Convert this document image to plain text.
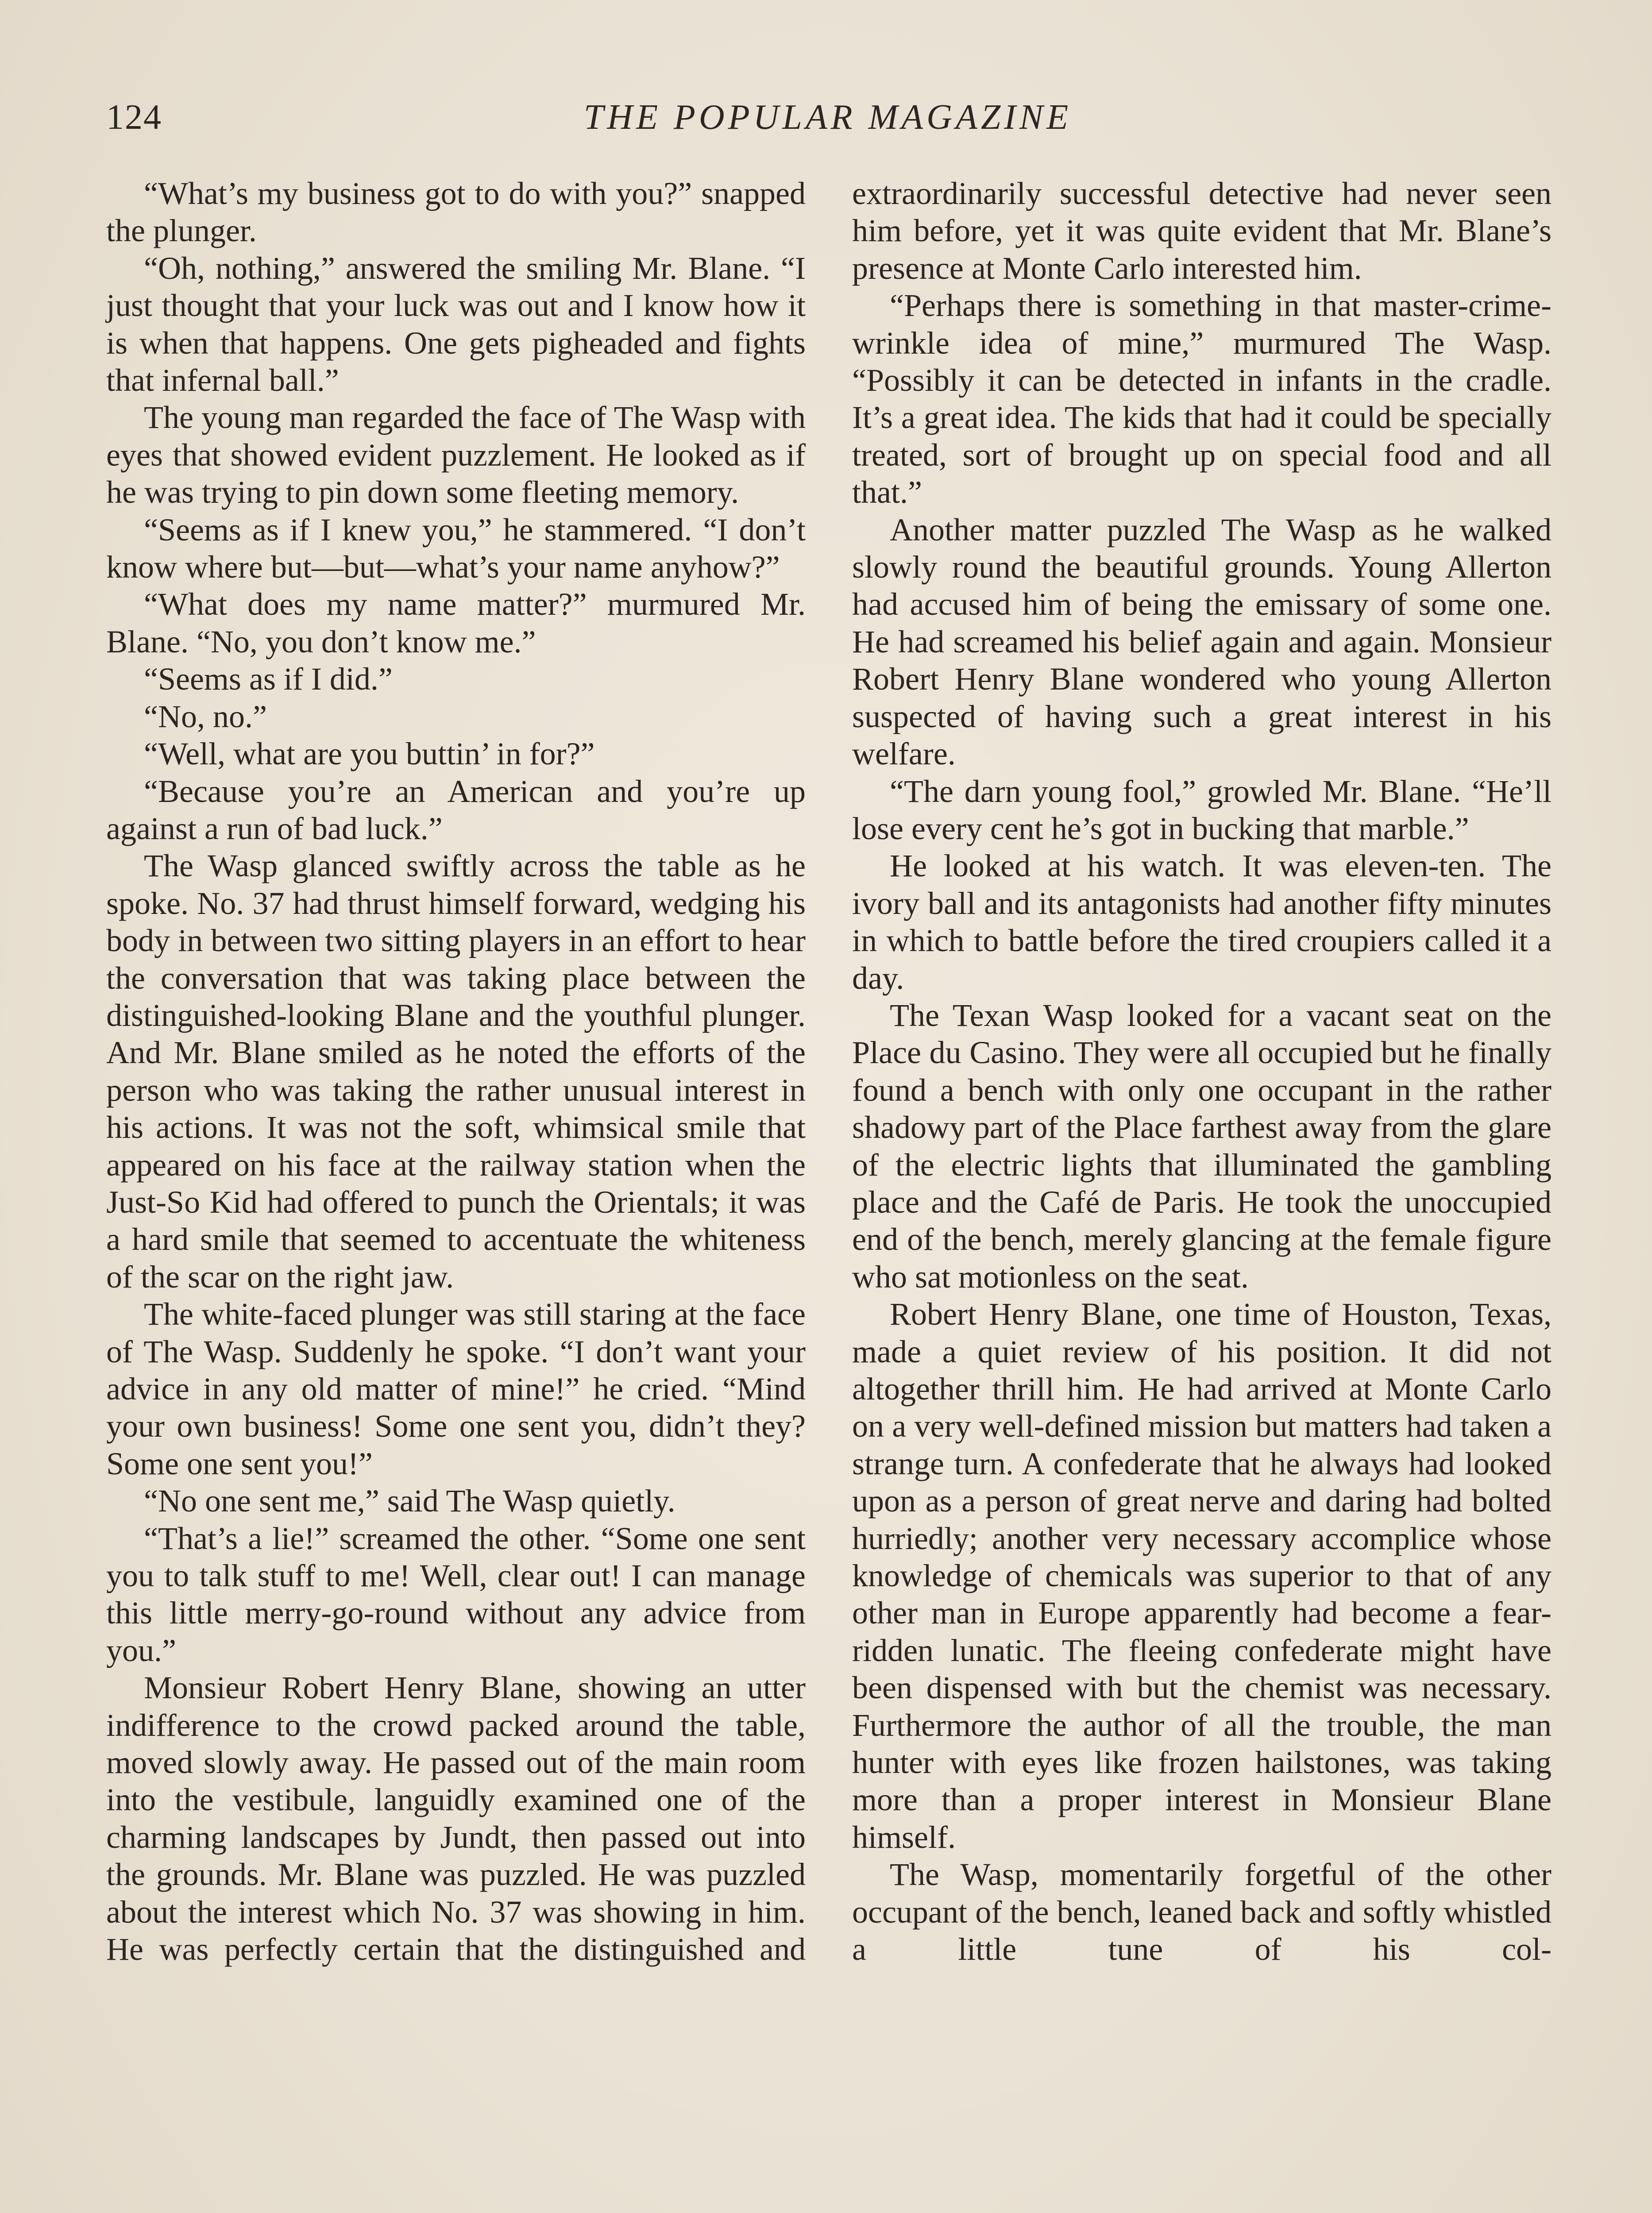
124	THE POPULAR MAGAZINE

“What’s my business got to do with you?” snapped the plunger.

“Oh, nothing,” answered the smiling Mr. Blane. “I just thought that your luck was out and I know how it is when that happens. One gets pigheaded and fights that infernal ball.”

The young man regarded the face of The Wasp with eyes that showed evident puzzlement. He looked as if he was trying to pin down some fleeting memory.

“Seems as if I knew you,” he stammered. “I don’t know where but—but—what’s your name anyhow?”

“What does my name matter?” murmured Mr. Blane. “No, you don’t know me.”

“Seems as if I did.”

“No, no.”

“Well, what are you buttin’ in for?”

“Because you’re an American and you’re up against a run of bad luck.”

The Wasp glanced swiftly across the table as he spoke. No. 37 had thrust himself forward, wedging his body in between two sitting players in an effort to hear the conversation that was taking place between the distinguished-looking Blane and the youthful plunger. And Mr. Blane smiled as he noted the efforts of the person who was taking the rather unusual interest in his actions. It was not the soft, whimsical smile that appeared on his face at the railway station when the Just-So Kid had offered to punch the Orientals; it was a hard smile that seemed to accentuate the whiteness of the scar on the right jaw.

The white-faced plunger was still staring at the face of The Wasp. Suddenly he spoke. “I don’t want your advice in any old matter of mine!” he cried. “Mind your own business! Some one sent you, didn’t they? Some one sent you!”

“No one sent me,” said The Wasp quietly.

“That’s a lie!” screamed the other. “Some one sent you to talk stuff to me! Well, clear out! I can manage this little merry-go-round without any advice from you.”

Monsieur Robert Henry Blane, showing an utter indifference to the crowd packed around the table, moved slowly away. He passed out of the main room into the vestibule, languidly examined one of the charming landscapes by Jundt, then passed out into the grounds. Mr. Blane was puzzled. He was puzzled about the interest which No. 37 was showing in him. He was perfectly certain that the distinguished and

extraordinarily successful detective had never seen him before, yet it was quite evident that Mr. Blane’s presence at Monte Carlo interested him.

“Perhaps there is something in that master-crime-wrinkle idea of mine,” murmured The Wasp. “Possibly it can be detected in infants in the cradle. It’s a great idea. The kids that had it could be specially treated, sort of brought up on special food and all that.”

Another matter puzzled The Wasp as he walked slowly round the beautiful grounds. Young Allerton had accused him of being the emissary of some one. He had screamed his belief again and again. Monsieur Robert Henry Blane wondered who young Allerton suspected of having such a great interest in his welfare.

“The darn young fool,” growled Mr. Blane. “He’ll lose every cent he’s got in bucking that marble.”

He looked at his watch. It was eleven-ten. The ivory ball and its antagonists had another fifty minutes in which to battle before the tired croupiers called it a day.

The Texan Wasp looked for a vacant seat on the Place du Casino. They were all occupied but he finally found a bench with only one occupant in the rather shadowy part of the Place farthest away from the glare of the electric lights that illuminated the gambling place and the Café de Paris. He took the unoccupied end of the bench, merely glancing at the female figure who sat motionless on the seat.

Robert Henry Blane, one time of Houston, Texas, made a quiet review of his position. It did not altogether thrill him. He had arrived at Monte Carlo on a very well-defined mission but matters had taken a strange turn. A confederate that he always had looked upon as a person of great nerve and daring had bolted hurriedly; another very necessary accomplice whose knowledge of chemicals was superior to that of any other man in Europe apparently had become a fear-ridden lunatic. The fleeing confederate might have been dispensed with but the chemist was necessary. Furthermore the author of all the trouble, the man hunter with eyes like frozen hailstones, was taking more than a proper interest in Monsieur Blane himself.

The Wasp, momentarily forgetful of the other occupant of the bench, leaned back and softly whistled a little tune of his col-
